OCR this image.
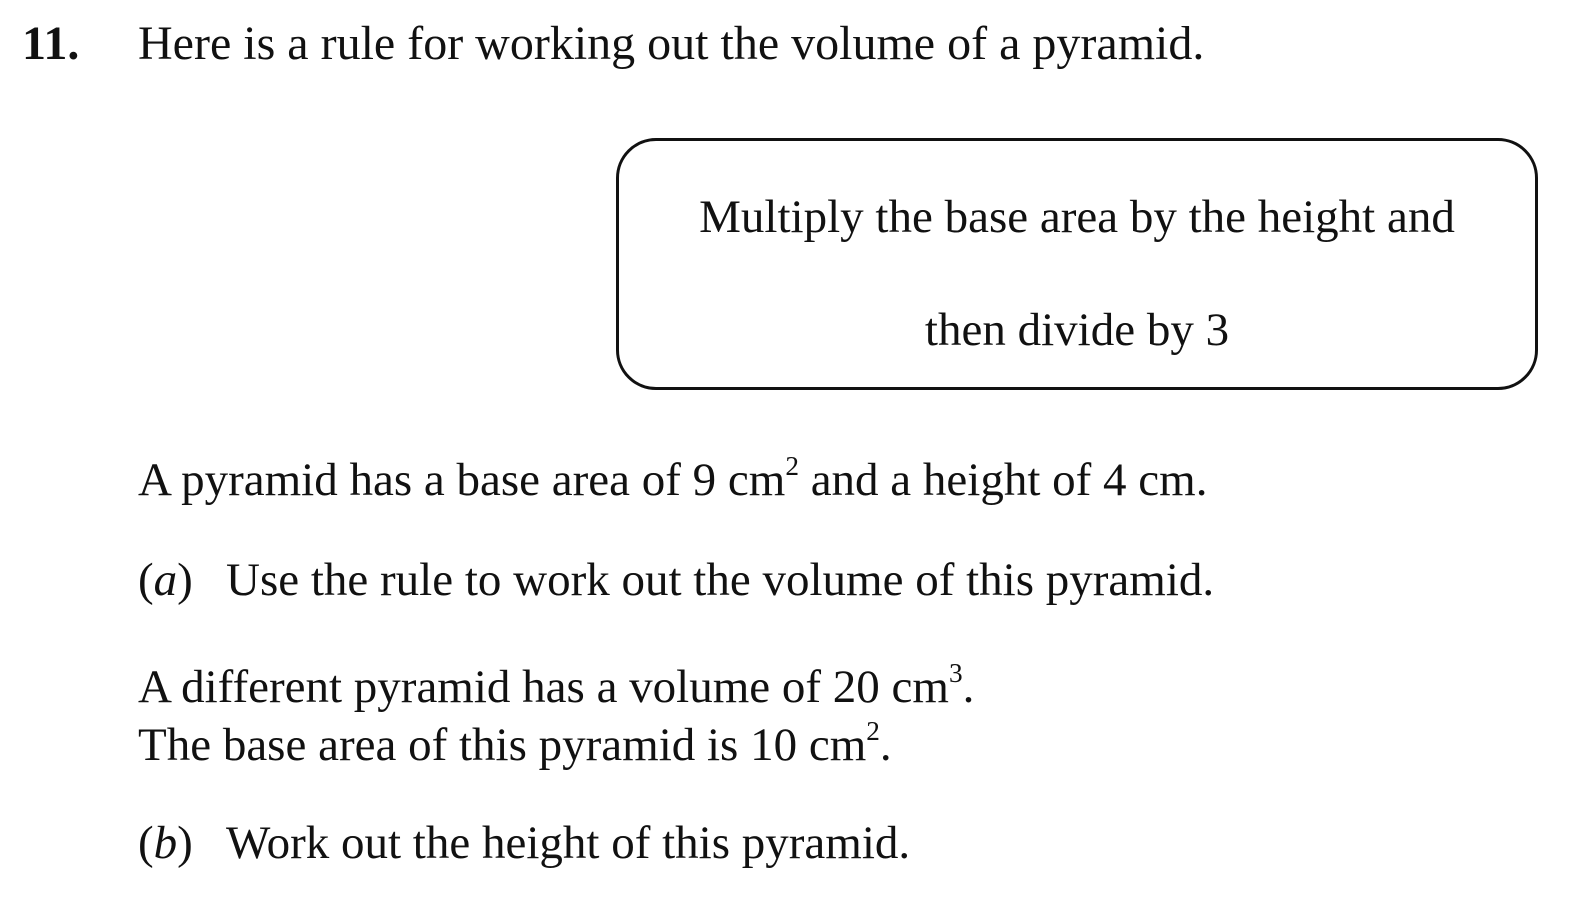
11. Here is a rule for working out the volume of a pyramid.
Multiply the base area by the height and
then divide by 3

A pyramid has a base area of 9 $cm^2$ and a height of 4 cm.

(a) Use the rule to work out the volume of this pyramid.

A different pyramid has a volume of 20 $cm^3$.

The base area of this pyramid is 10 $cm^2$.

(b) Work out the height of this pyramid.
